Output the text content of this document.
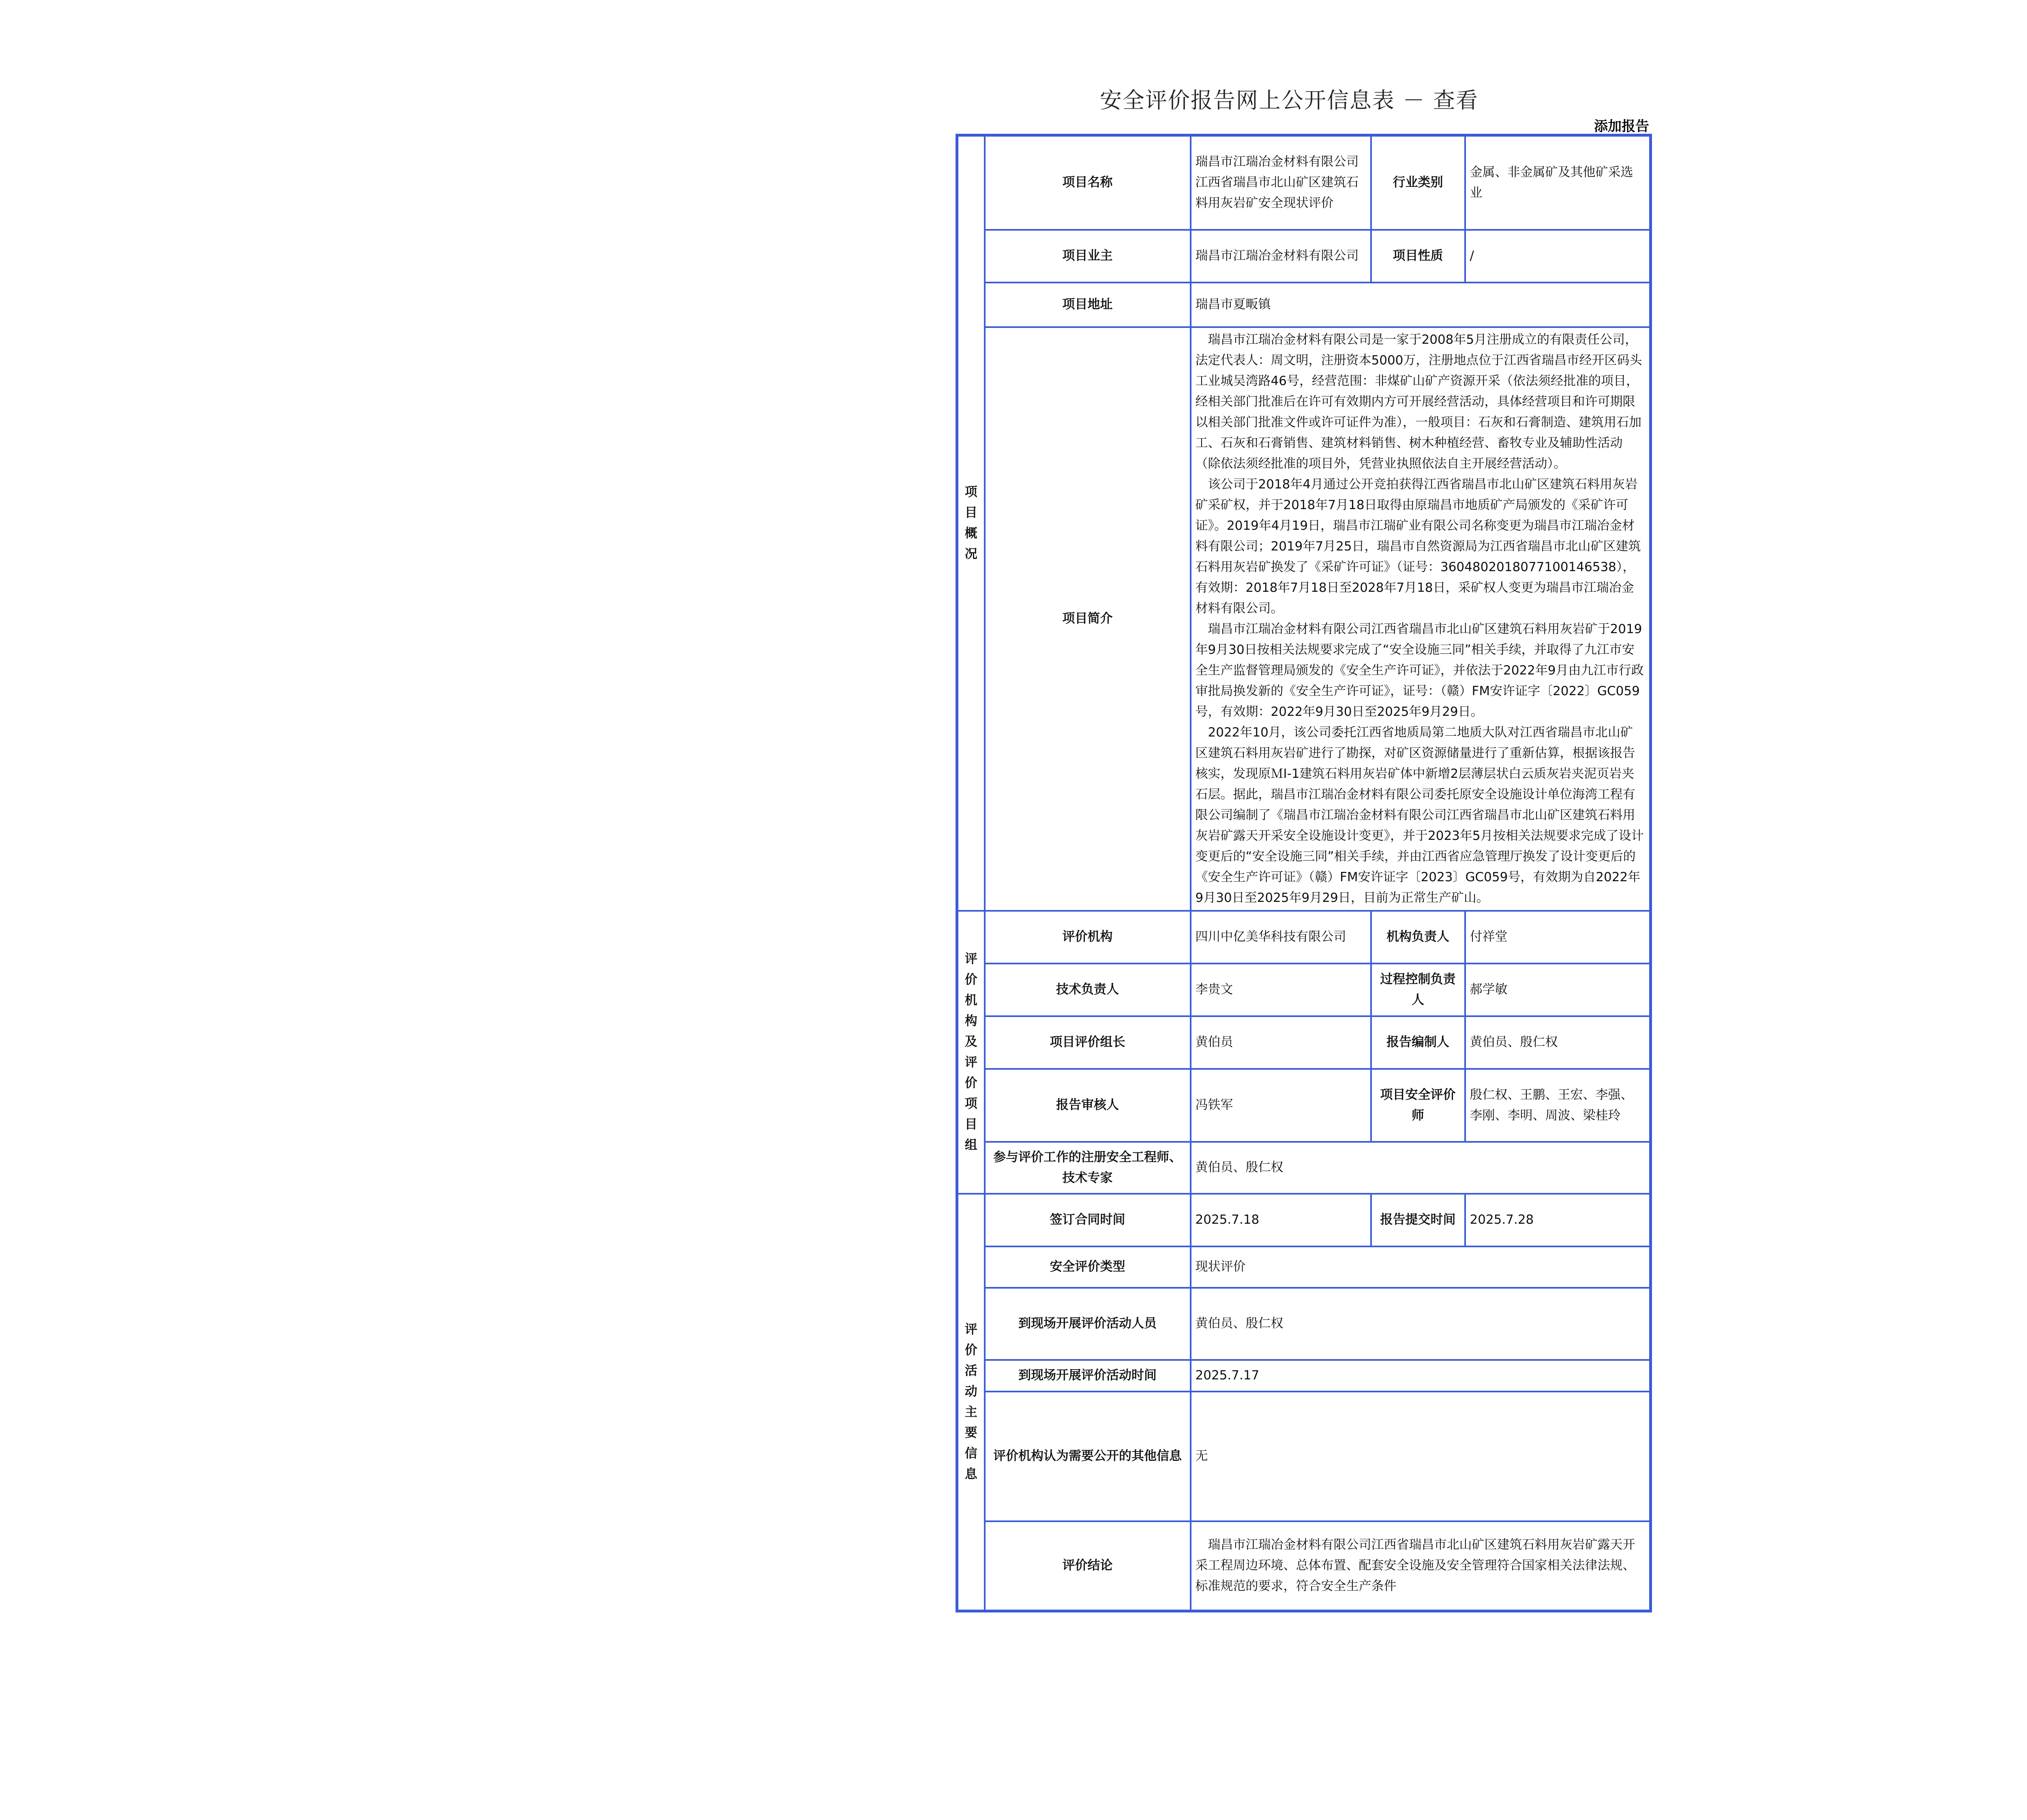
安全评价报告网上公开信息表 － 查看
添加报告
项目概况	项目名称	瑞昌市江瑞冶金材料有限公司江西省瑞昌市北山矿区建筑石料用灰岩矿安全现状评价	行业类别	金属、非金属矿及其他矿采选业
	项目业主	瑞昌市江瑞冶金材料有限公司	项目性质	/
	项目地址	瑞昌市夏畈镇		
	项目简介	瑞昌市江瑞冶金材料有限公司是一家于2008年5月注册成立的有限责任公司，法定代表人：周文明，注册资本5000万，注册地点位于江西省瑞昌市经开区码头工业城吴湾路46号，经营范围：非煤矿山矿产资源开采（依法须经批准的项目，经相关部门批准后在许可有效期内方可开展经营活动，具体经营项目和许可期限以相关部门批准文件或许可证件为准），一般项目：石灰和石膏制造、建筑用石加工、石灰和石膏销售、建筑材料销售、树木种植经营、畜牧专业及辅助性活动（除依法须经批准的项目外，凭营业执照依法自主开展经营活动）。
该公司于2018年4月通过公开竞拍获得江西省瑞昌市北山矿区建筑石料用灰岩矿采矿权，并于2018年7月18日取得由原瑞昌市地质矿产局颁发的《采矿许可证》。2019年4月19日，瑞昌市江瑞矿业有限公司名称变更为瑞昌市江瑞冶金材料有限公司；2019年7月25日，瑞昌市自然资源局为江西省瑞昌市北山矿区建筑石料用灰岩矿换发了《采矿许可证》（证号：3604802018077100146538），有效期：2018年7月18日至2028年7月18日，采矿权人变更为瑞昌市江瑞冶金材料有限公司。
瑞昌市江瑞冶金材料有限公司江西省瑞昌市北山矿区建筑石料用灰岩矿于2019年9月30日按相关法规要求完成了“安全设施三同”相关手续，并取得了九江市安全生产监督管理局颁发的《安全生产许可证》，并依法于2022年9月由九江市行政审批局换发新的《安全生产许可证》，证号：（赣）FM安许证字〔2022〕GC059号，有效期：2022年9月30日至2025年9月29日。
2022年10月，该公司委托江西省地质局第二地质大队对江西省瑞昌市北山矿区建筑石料用灰岩矿进行了勘探，对矿区资源储量进行了重新估算，根据该报告核实，发现原ＭⅠ-1建筑石料用灰岩矿体中新增2层薄层状白云质灰岩夹泥页岩夹石层。据此，瑞昌市江瑞冶金材料有限公司委托原安全设施设计单位海湾工程有限公司编制了《瑞昌市江瑞冶金材料有限公司江西省瑞昌市北山矿区建筑石料用灰岩矿露天开采安全设施设计变更》，并于2023年5月按相关法规要求完成了设计变更后的“安全设施三同”相关手续，并由江西省应急管理厅换发了设计变更后的《安全生产许可证》（赣）FM安许证字〔2023〕GC059号，有效期为自2022年9月30日至2025年9月29日，目前为正常生产矿山。		

评价机构及评价项目组	评价机构	四川中亿美华科技有限公司	机构负责人	付祥堂
	技术负责人	李贵文	过程控制负责人	郝学敏
	项目评价组长	黄伯员	报告编制人	黄伯员、殷仁权
	报告审核人	冯铁军	项目安全评价师	殷仁权、王鹏、王宏、李强、李刚、李明、周波、梁桂玲
	参与评价工作的注册安全工程师、技术专家	黄伯员、殷仁权		
评价活动主要信息	签订合同时间	2025.7.18	报告提交时间	2025.7.28
	安全评价类型	现状评价		
	到现场开展评价活动人员	黄伯员、殷仁权		
	到现场开展评价活动时间	2025.7.17		
	评价机构认为需要公开的其他信息	无		
	评价结论	瑞昌市江瑞冶金材料有限公司江西省瑞昌市北山矿区建筑石料用灰岩矿露天开采工程周边环境、总体布置、配套安全设施及安全管理符合国家相关法律法规、标准规范的要求，符合安全生产条件		
